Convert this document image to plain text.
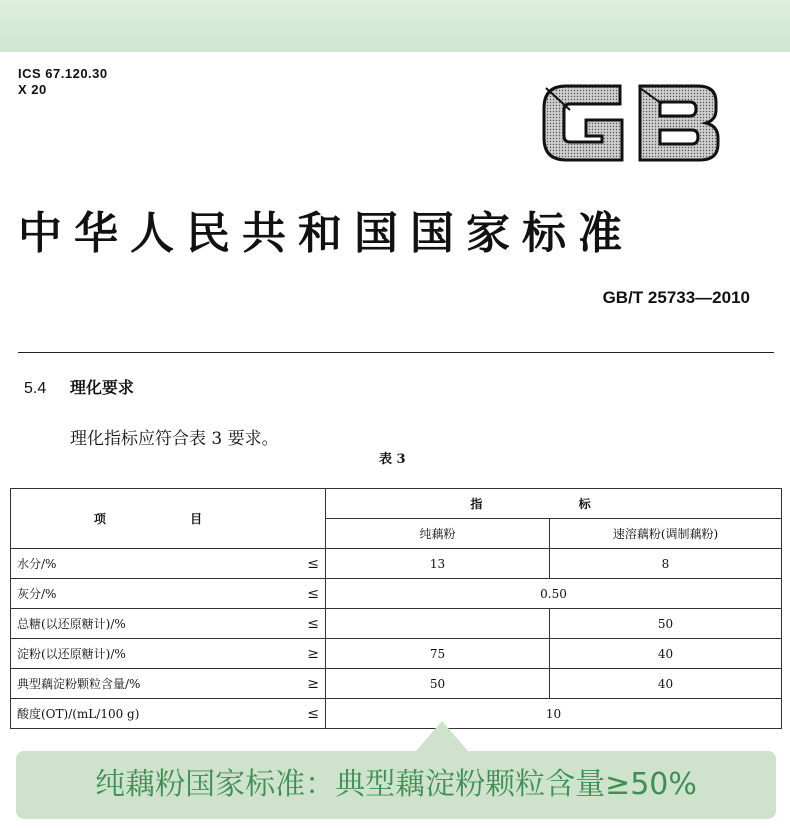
ICS 67.120.30
X 20
中华人民共和国国家标准
GB/T 25733—2010
5.4 理化要求
理化指标应符合表 3 要求。
表 3
项 目	指 标	
	纯藕粉	速溶藕粉(调制藕粉)
水分/% ≤	13	8
灰分/% ≤	0.50	
总糖(以还原糖计)/% ≤		50
淀粉(以还原糖计)/% ≥	75	40
典型藕淀粉颗粒含量/% ≥	50	40
酸度(OT)/(mL/100 g) ≤	10	
纯藕粉国家标准：典型藕淀粉颗粒含量≥50%
